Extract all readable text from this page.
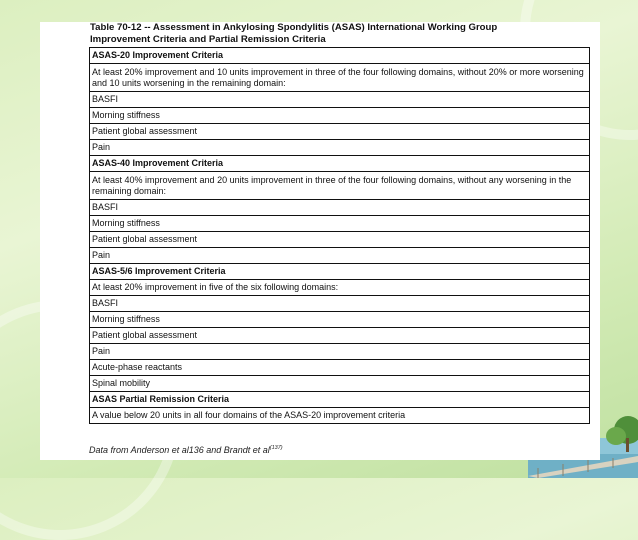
Table 70-12 -- Assessment in Ankylosing Spondylitis (ASAS) International Working Group
Improvement Criteria and Partial Remission Criteria
ASAS-20 Improvement Criteria
At least 20% improvement and 10 units improvement in three of the four following domains, without 20% or more worsening and 10 units worsening in the remaining domain:
BASFI
Morning stiffness
Patient global assessment
Pain
ASAS-40 Improvement Criteria
At least 40% improvement and 20 units improvement in three of the four following domains, without any worsening in the remaining domain:
BASFI
Morning stiffness
Patient global assessment
Pain
ASAS-5/6 Improvement Criteria
At least 20% improvement in five of the six following domains:
BASFI
Morning stiffness
Patient global assessment
Pain
Acute-phase reactants
Spinal mobility
ASAS Partial Remission Criteria
A value below 20 units in all four domains of the ASAS-20 improvement criteria
Data from Anderson et al136 and Brandt et $al^{(137)}$
